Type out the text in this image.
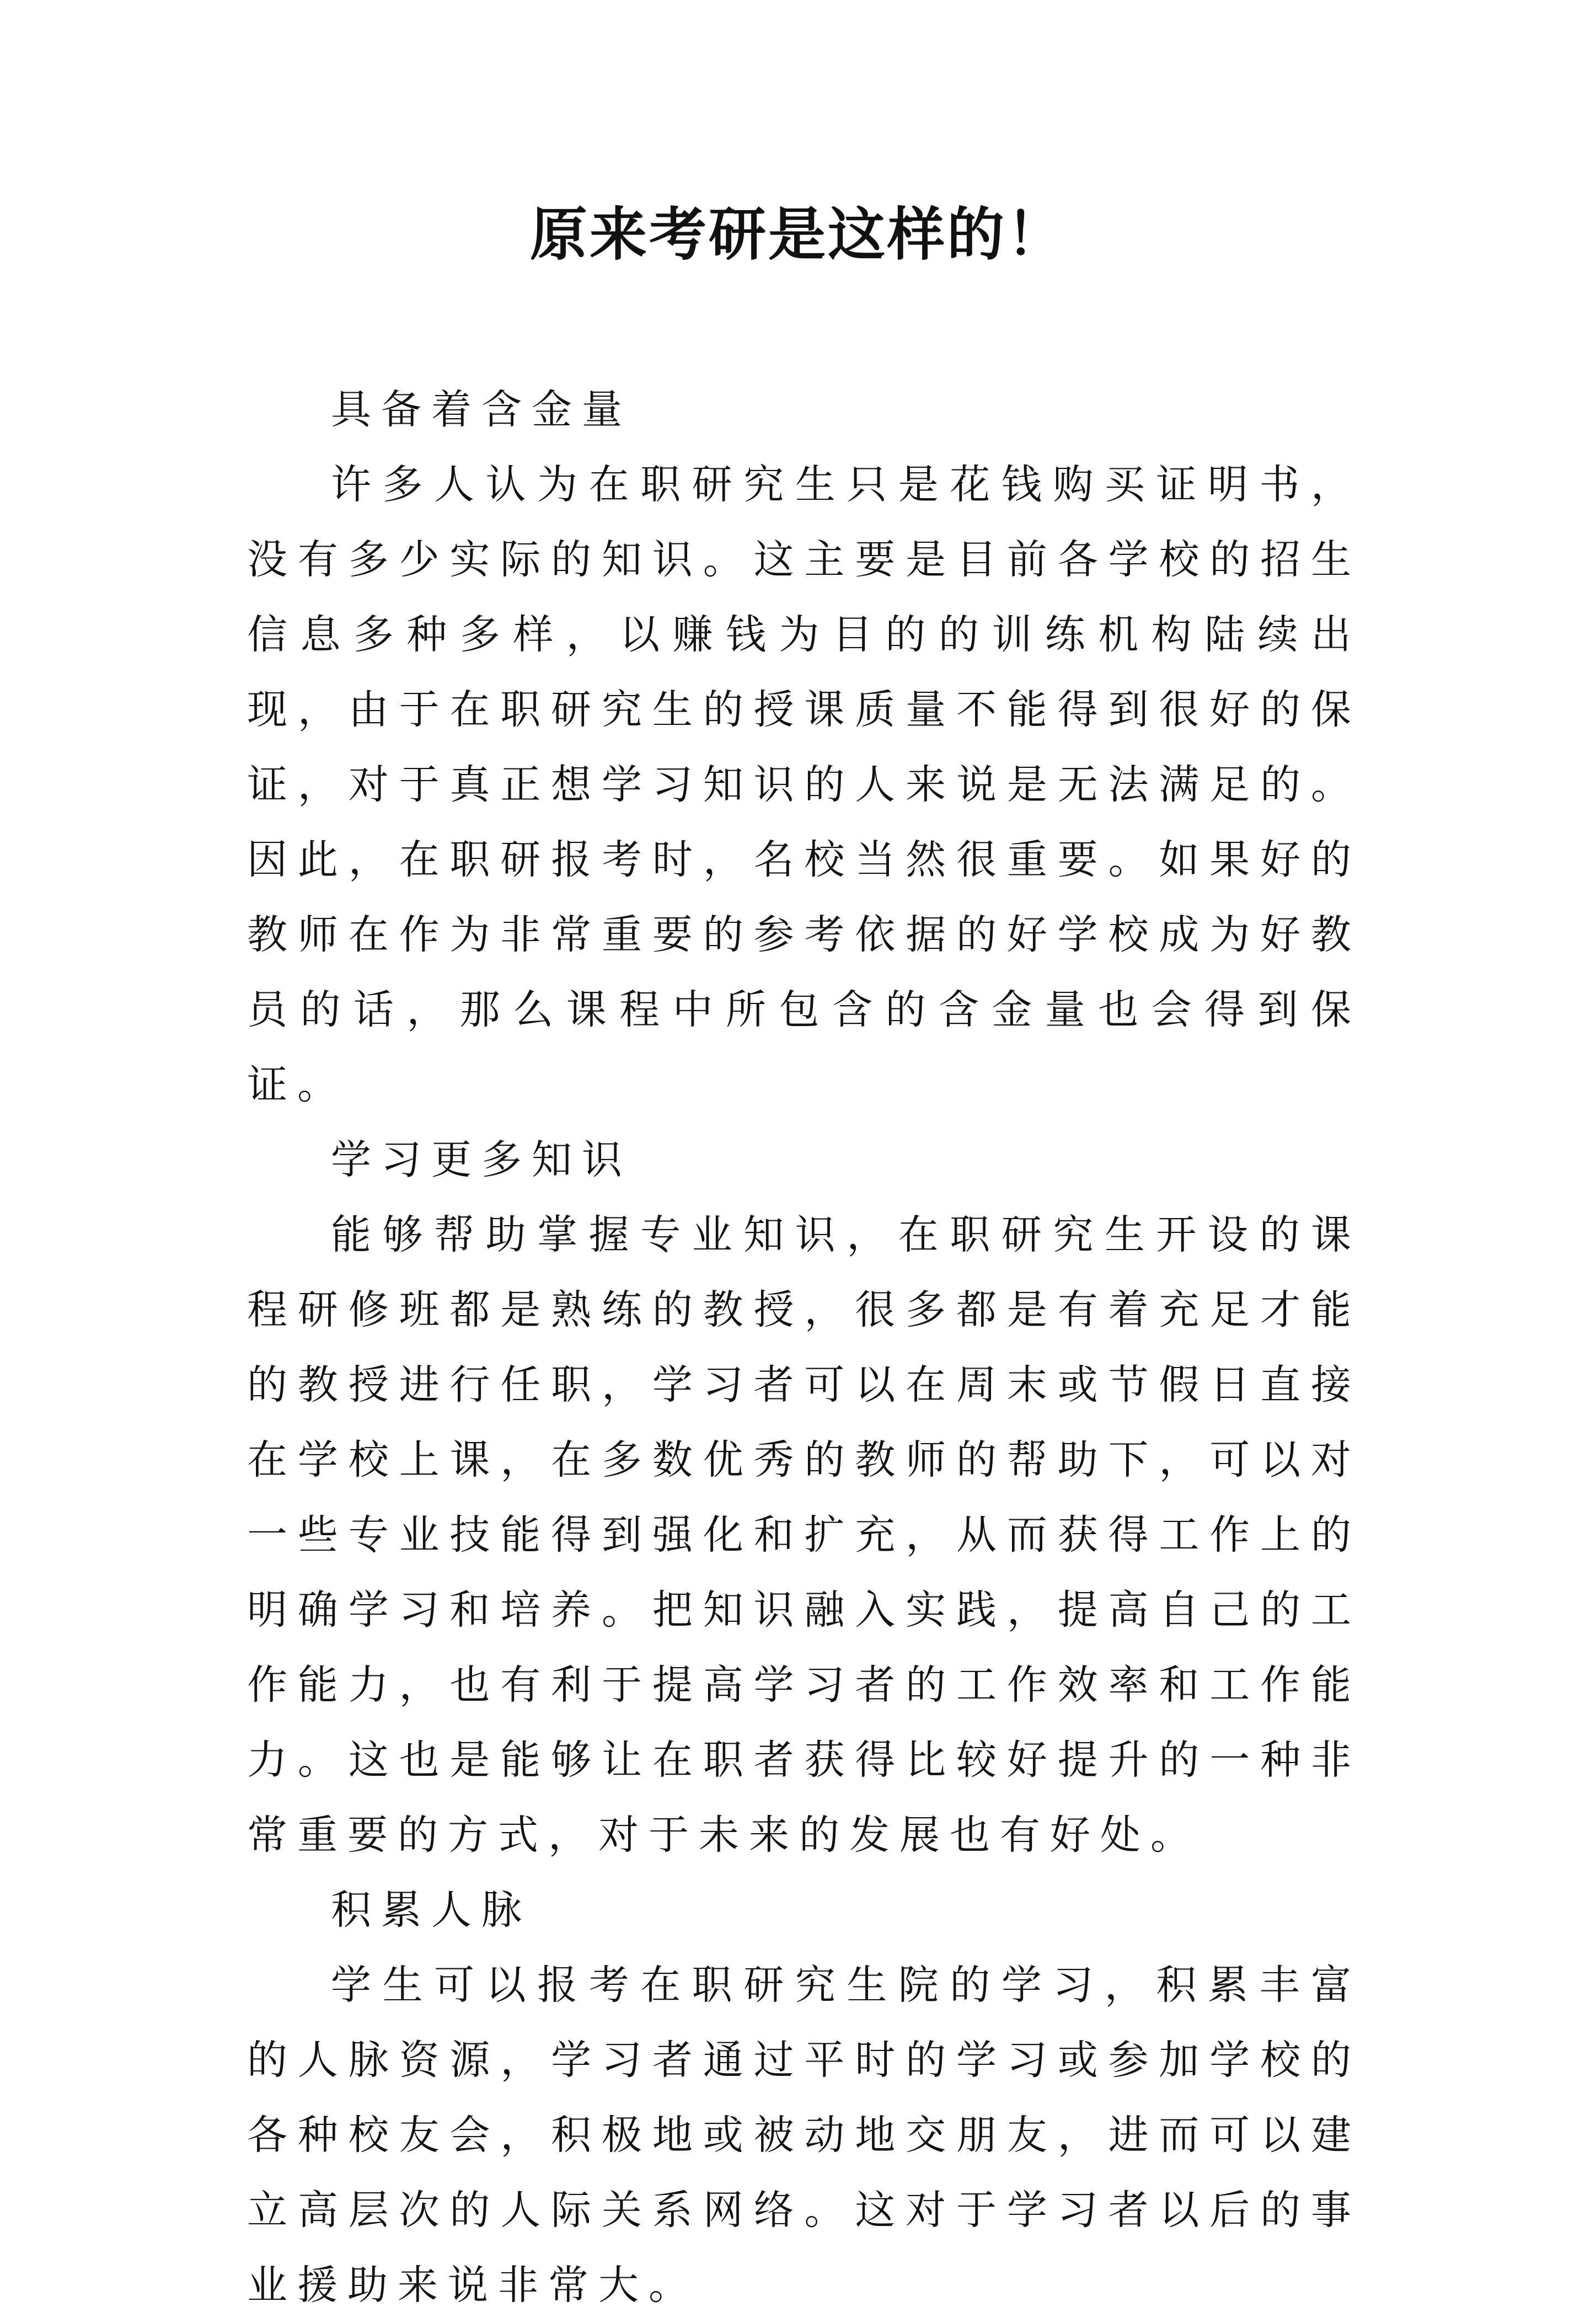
原来考研是这样的！

具备着含金量

许多人认为在职研究生只是花钱购买证明书，没有多少实际的知识。这主要是目前各学校的招生信息多种多样，以赚钱为目的的训练机构陆续出现，由于在职研究生的授课质量不能得到很好的保证，对于真正想学习知识的人来说是无法满足的。因此，在职研报考时，名校当然很重要。如果好的教师在作为非常重要的参考依据的好学校成为好教员的话，那么课程中所包含的含金量也会得到保证。

学习更多知识

能够帮助掌握专业知识，在职研究生开设的课程研修班都是熟练的教授，很多都是有着充足才能的教授进行任职，学习者可以在周末或节假日直接在学校上课，在多数优秀的教师的帮助下，可以对一些专业技能得到强化和扩充，从而获得工作上的明确学习和培养。把知识融入实践，提高自己的工作能力，也有利于提高学习者的工作效率和工作能力。这也是能够让在职者获得比较好提升的一种非常重要的方式，对于未来的发展也有好处。

积累人脉

学生可以报考在职研究生院的学习，积累丰富的人脉资源，学习者通过平时的学习或参加学校的各种校友会，积极地或被动地交朋友，进而可以建立高层次的人际关系网络。这对于学习者以后的事业援助来说非常大。
